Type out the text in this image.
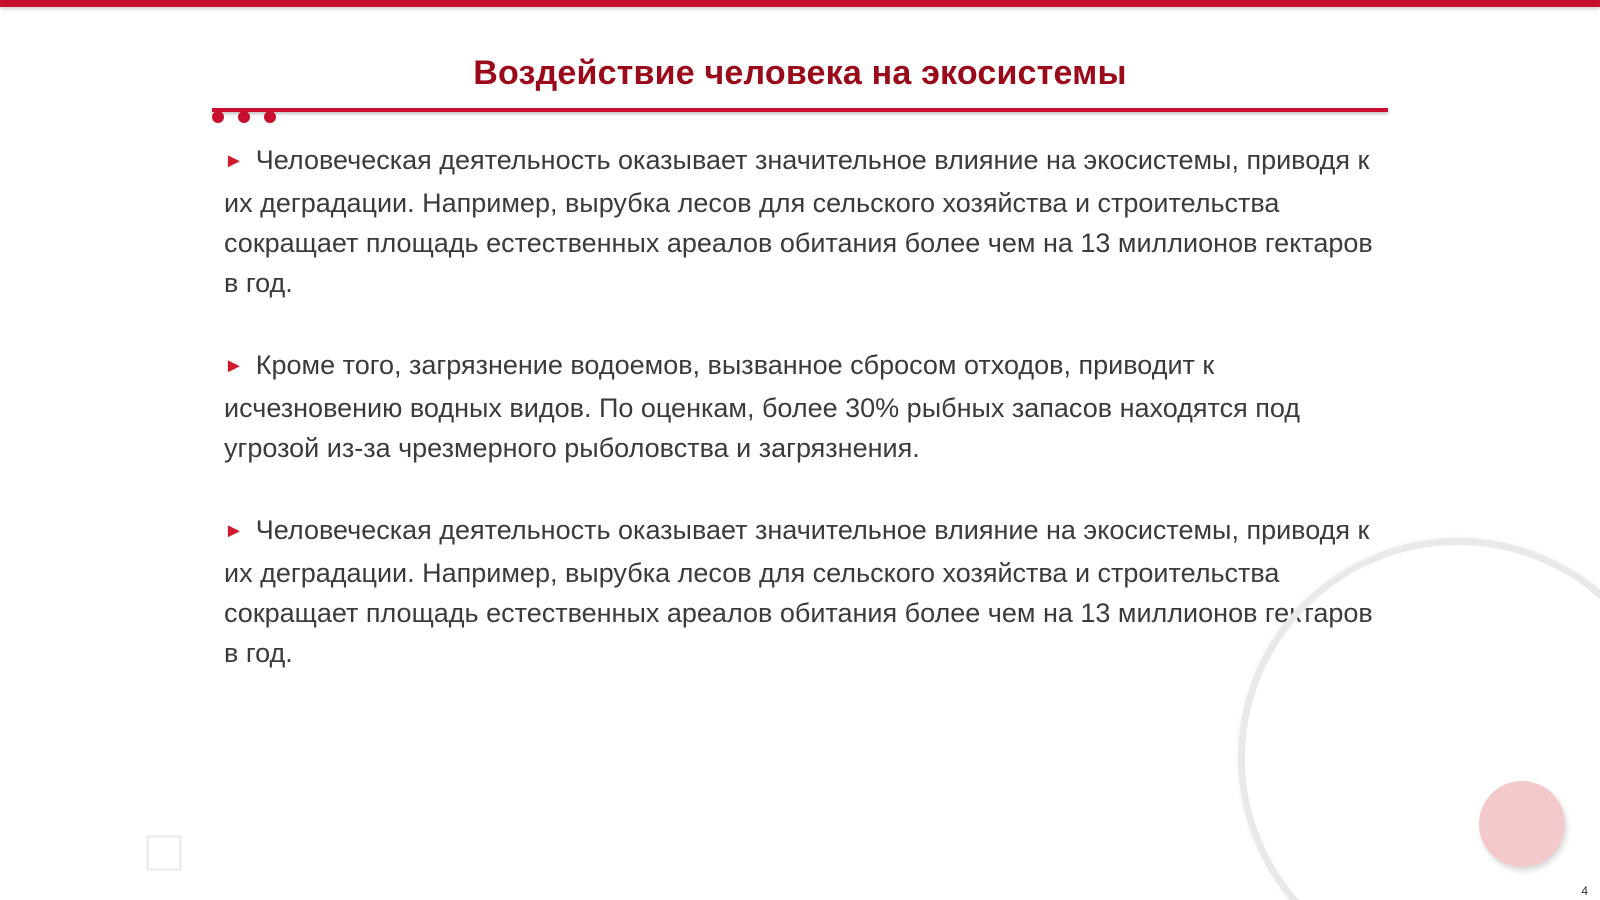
Воздействие человека на экосистемы
► Человеческая деятельность оказывает значительное влияние на экосистемы, приводя к их деградации. Например, вырубка лесов для сельского хозяйства и строительства сокращает площадь естественных ареалов обитания более чем на 13 миллионов гектаров в год.
► Кроме того, загрязнение водоемов, вызванное сбросом отходов, приводит к исчезновению водных видов. По оценкам, более 30% рыбных запасов находятся под угрозой из-за чрезмерного рыболовства и загрязнения.
► Человеческая деятельность оказывает значительное влияние на экосистемы, приводя к их деградации. Например, вырубка лесов для сельского хозяйства и строительства сокращает площадь естественных ареалов обитания более чем на 13 миллионов гектаров в год.
4
